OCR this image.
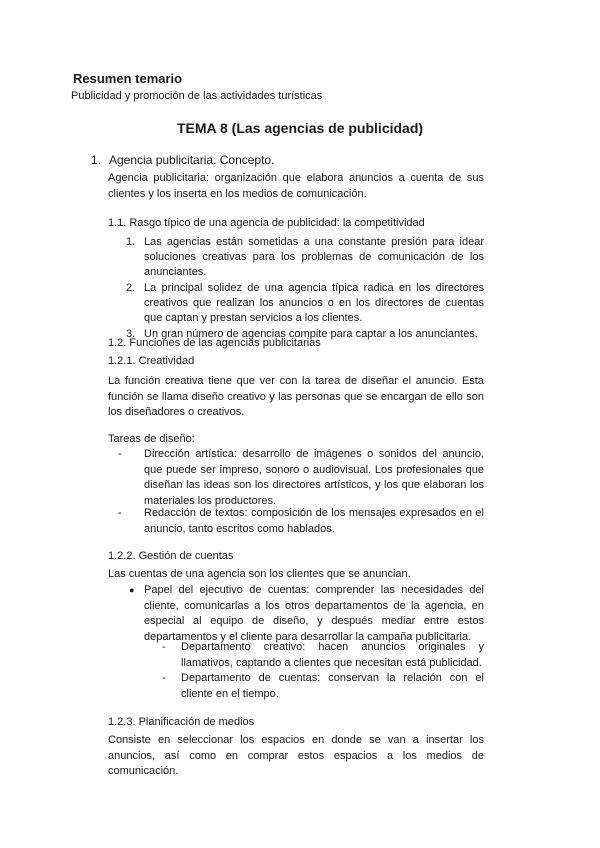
Resumen temario
Publicidad y promoción de las actividades turísticas
TEMA 8 (Las agencias de publicidad)
1. Agencia publicitaria. Concepto.
Agencia publicitaria: organización que elabora anuncios a cuenta de sus clientes y los inserta en los medios de comunicación.
1.1. Rasgo típico de una agencia de publicidad: la competitividad
1. Las agencias están sometidas a una constante presión para idear soluciones creativas para los problemas de comunicación de los anunciantes.
2. La principal solidez de una agencia típica radica en los directores creativos que realizan los anuncios o en los directores de cuentas que captan y prestan servicios a los clientes.
3. Un gran número de agencias compite para captar a los anunciantes.
1.2. Funciones de las agencias publicitarias
1.2.1. Creatividad
La función creativa tiene que ver con la tarea de diseñar el anuncio. Esta función se llama diseño creativo y las personas que se encargan de ello son los diseñadores o creativos.
Tareas de diseño:
- Dirección artística: desarrollo de imágenes o sonidos del anuncio, que puede ser impreso, sonoro o audiovisual. Los profesionales que diseñan las ideas son los directores artísticos, y los que elaboran los materiales los productores.
- Redacción de textos: composición de los mensajes expresados en el anuncio, tanto escritos como hablados.
1.2.2. Gestión de cuentas
Las cuentas de una agencia son los clientes que se anuncian.
● Papel del ejecutivo de cuentas: comprender las necesidades del cliente, comunicarlas a los otros departamentos de la agencia, en especial al equipo de diseño, y después mediar entre estos departamentos y el cliente para desarrollar la campaña publicitaria.
- Departamento creativo: hacen anuncios originales y llamativos, captando a clientes que necesitan está publicidad.
- Departamento de cuentas: conservan la relación con el cliente en el tiempo.
1.2.3. Planificación de medios
Consiste en seleccionar los espacios en donde se van a insertar los anuncios, así como en comprar estos espacios a los medios de comunicación.
